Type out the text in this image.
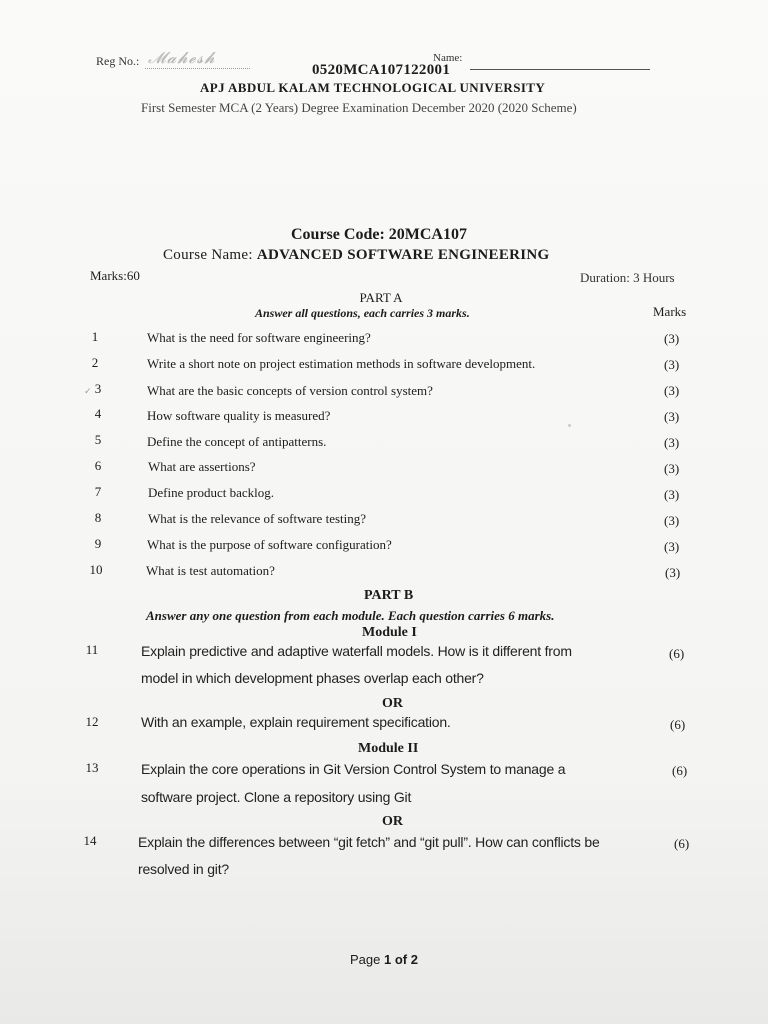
Reg No.: 𝓜𝓪𝓱𝓮𝓼𝓱	Name:
0520MCA107122001
APJ ABDUL KALAM TECHNOLOGICAL UNIVERSITY
First Semester MCA (2 Years) Degree Examination December 2020 (2020 Scheme)
Course Code: 20MCA107
Course Name: ADVANCED SOFTWARE ENGINEERING
Marks:60	Duration: 3 Hours
PART A
Answer all questions, each carries 3 marks.	Marks
✓
1	What is the need for software engineering?	(3)
2	Write a short note on project estimation methods in software development.	(3)
3	What are the basic concepts of version control system?	(3)
4	How software quality is measured?	(3)
5	Define the concept of antipatterns.	(3)
6	What are assertions?	(3)
7	Define product backlog.	(3)
8	What is the relevance of software testing?	(3)
9	What is the purpose of software configuration?	(3)
10	What is test automation?	(3)
PART B
Answer any one question from each module. Each question carries 6 marks.
Module I
11	Explain predictive and adaptive waterfall models. How is it different from
model in which development phases overlap each other?
(6)
OR
12	With an example, explain requirement specification.	(6)
Module II
13	Explain the core operations in Git Version Control System to manage a
software project. Clone a repository using Git
(6)
OR
14	Explain the differences between “git fetch” and “git pull”. How can conflicts be
resolved in git?
(6)
Page 1 of 2
